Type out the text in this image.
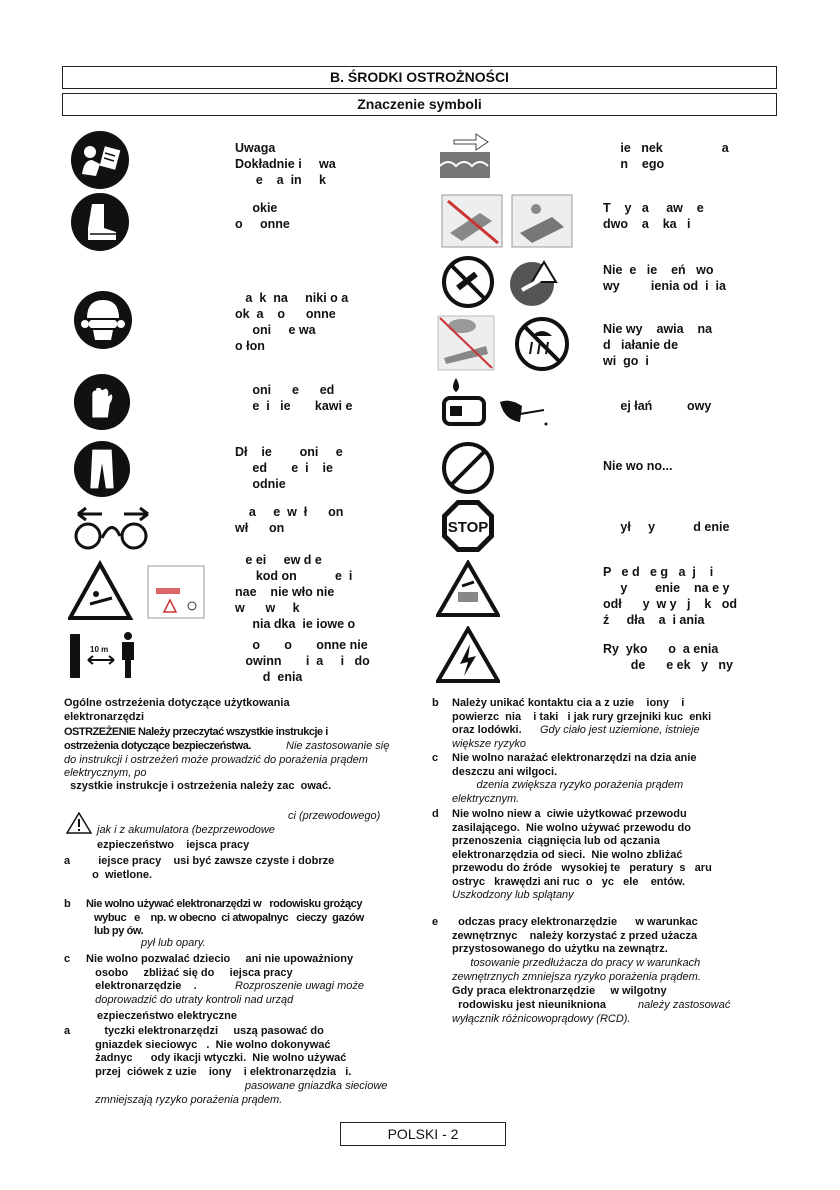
B. ŚRODKI OSTROŻNOŚCI
Znaczenie symboli
Uwaga
Dokładnie i     wa
e    a  in     k
okie
o     onne
a  k  na     niki o a
ok  a    o      onne
oni     e wa
o łon
oni      e      ed
e  i   ie       kawi e
Dł    ie        oni     e
ed       e  i    ie
odnie
a     e  w  ł      on
wł      on
e ei     ew d e
kod on           e  i
nae    nie wło nie
w      w     k
nia dka  ie iowe o
10 m	o       o       onne nie
owinn       i  a     i   do
d  enia
ie   nek                 a
n    ego
T    y   a     aw    e
dwo    a    ka   i
Nie  e   ie    eń   wo
wy         ienia od  i  ia
Nie wy    awia    na
d   iałanie de
wi  go  i
ej łań          owy
Nie wo no...
STOP	ył     y           d enie
P   e d   e g   a  j    i
y        enie    na e y
odł      y  w y   j    k   od
ź     dła    a  i ania
Ry  yko      o  a enia
de      e ek   y   ny
Ogólne ostrzeżenia dotyczące użytkowania
elektronarzędzi
OSTRZEŻENIE Należy przeczytać wszystkie instrukcje i
ostrzeżenia dotyczące bezpieczeństwa.	Nie zastosowanie się
do instrukcji i ostrzeżeń może prowadzić do porażenia prądem
elektrycznym, po
szystkie instrukcje i ostrzeżenia należy zac  ować.
ci (przewodowego)
jak i z akumulatora (bezprzewodowe
ezpieczeństwo    iejsca pracy
a	iejsce pracy    usi być zawsze czyste i dobrze
o  wietlone.
b Nie wolno używać elektronarzędzi w   rodowisku grożący
wybuc   e    np. w obecno  ci atwopalnyc   cieczy  gazów
lub py ów.
pył lub opary.
c Nie wolno pozwalać dziecio     ani nie upoważniony
osobo     zbliżać się do     iejsca pracy
elektronarzędzie    .	Rozproszenie uwagi może
doprowadzić do utraty kontroli nad urząd
ezpieczeństwo elektryczne
a	tyczki elektronarzędzi     uszą pasować do
gniazdek sieciowyc   .  Nie wolno dokonywać
żadnyc      ody ikacji wtyczki.  Nie wolno używać
przej  ciówek z uzie    iony    i elektronarzędzia   i.
pasowane gniazdka sieciowe
zmniejszają ryzyko porażenia prądem.
b Należy unikać kontaktu cia a z uzie    iony    i
powierzc  nia    i taki   i jak rury grzejniki kuc  enki
oraz lodówki.	Gdy ciało jest uziemione, istnieje
większe ryzyko
c Nie wolno narażać elektronarzędzi na dzia anie
deszczu ani wilgoci.
dzenia zwiększa ryzyko porażenia prądem
elektrycznym.
d Nie wolno niew a  ciwie użytkować przewodu
zasilającego.  Nie wolno używać przewodu do
przenoszenia  ciągnięcia lub od ączania
elektronarzędzia od sieci.  Nie wolno zbliżać
przewodu do źróde   wysokiej te   peratury  s   aru
ostryc   krawędzi ani ruc  o   yc   ele    entów.
Uszkodzony lub splątany
e	odczas pracy elektronarzędzie      w warunkac
zewnętrznyc    należy korzystać z przed użacza
przystosowanego do użytku na zewnątrz.
tosowanie przedłużacza do pracy w warunkach
zewnętrznych zmniejsza ryzyko porażenia prądem.
Gdy praca elektronarzędzie     w wilgotny
rodowisku jest nieunikniona	należy zastosować
wyłącznik różnicowoprądowy (RCD).
POLSKI - 2
